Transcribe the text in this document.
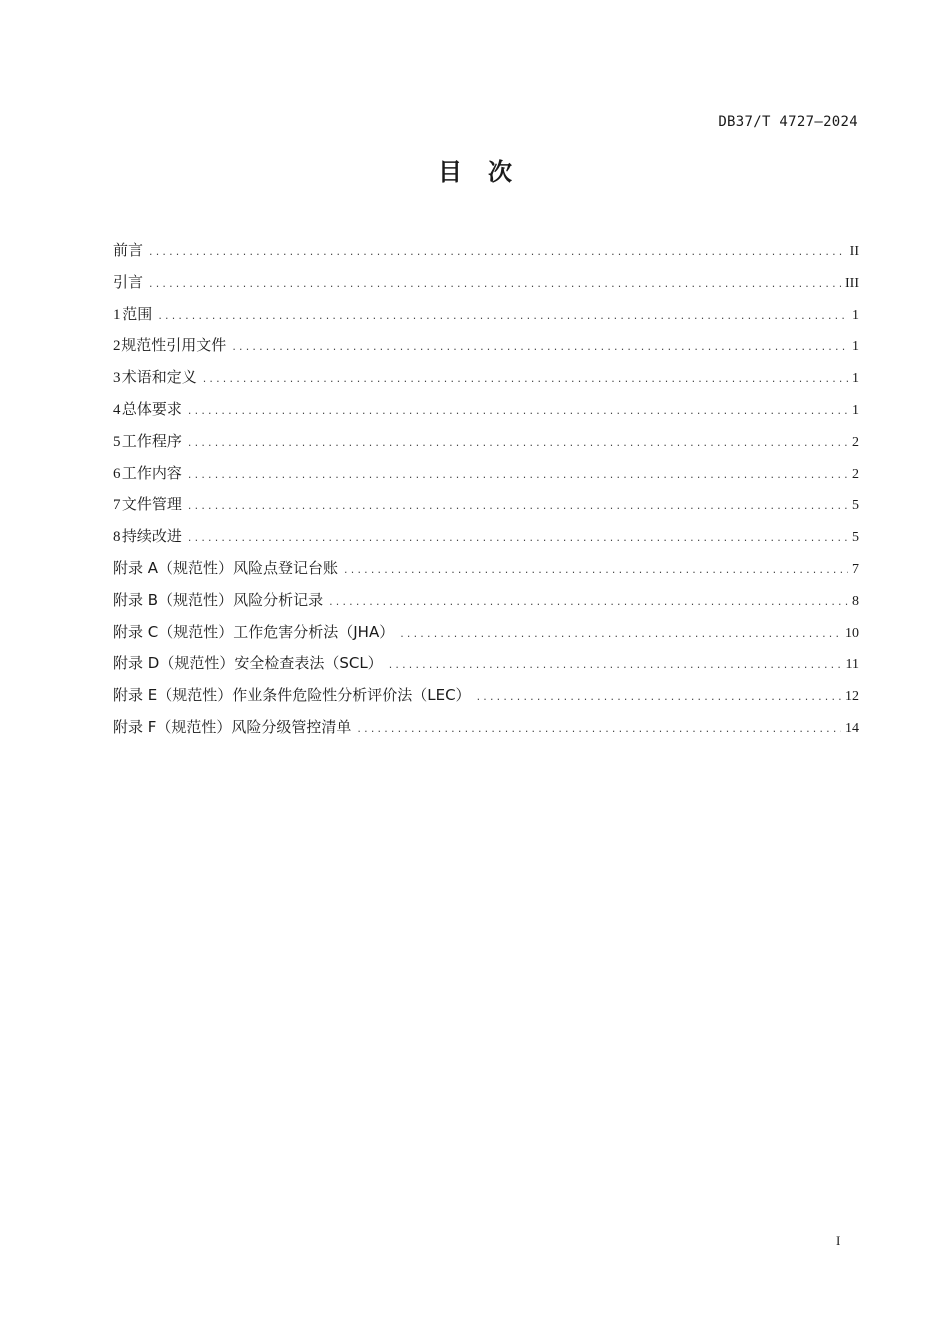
DB37/T 4727—2024
目 次
前言 .....	II
引言 .....	III
1 范围 .....	1
2 规范性引用文件 .....	1
3 术语和定义 .....	1
4 总体要求 .....	1
5 工作程序 .....	2
6 工作内容 .....	2
7 文件管理 .....	5
8 持续改进 .....	5
附录 A（规范性） 风险点登记台账 .....	7
附录 B（规范性） 风险分析记录 .....	8
附录 C（规范性） 工作危害分析法（JHA） .....	10
附录 D（规范性） 安全检查表法（SCL） .....	11
附录 E（规范性） 作业条件危险性分析评价法（LEC） .....	12
附录 F（规范性） 风险分级管控清单 .....	14
I
